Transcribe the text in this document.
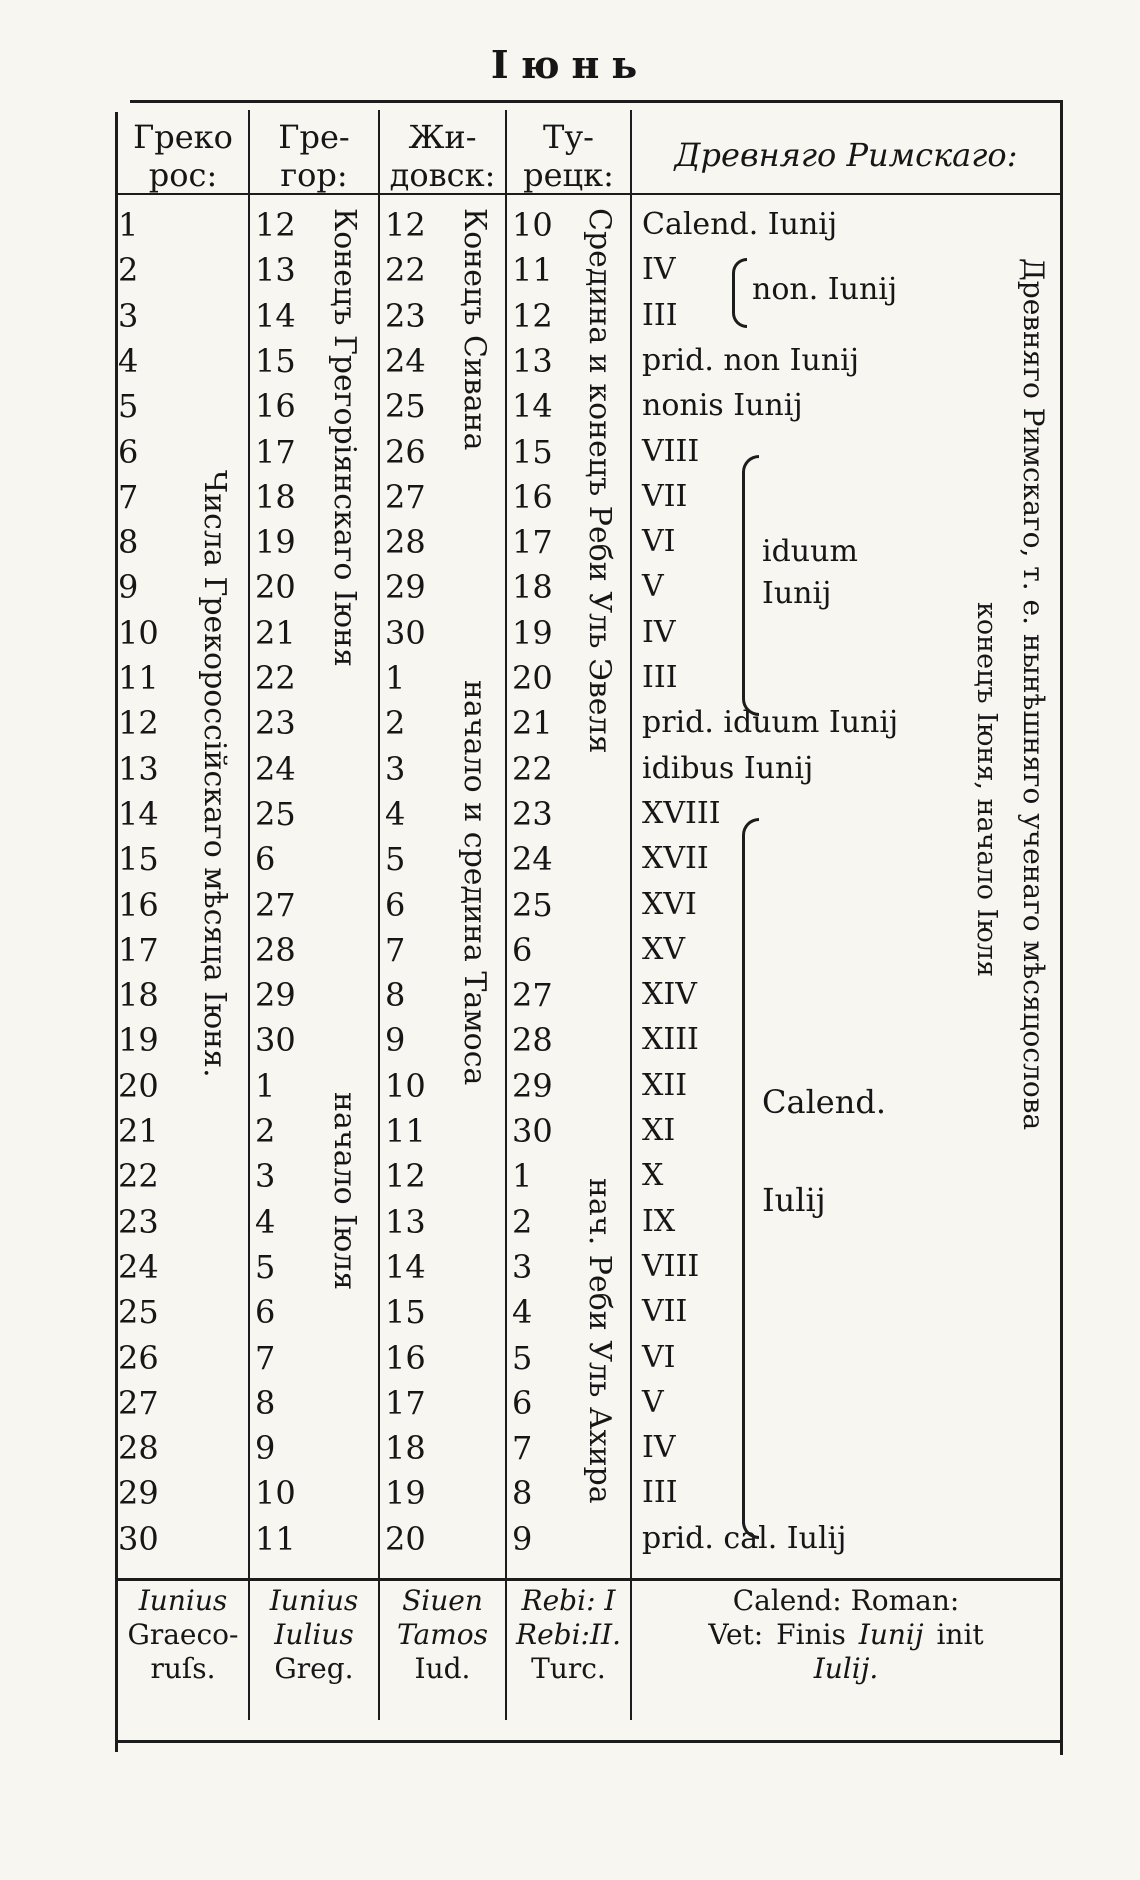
Іюнь
Греко
рос:
Гре-
гор:
Жи-
довск:
Ту-
рецк:
Древняго Римскаго:
1
2
3
4
5
6
7
8
9
10
11
12
13
14
15
16
17
18
19
20
21
22
23
24
25
26
27
28
29
30
12
13
14
15
16
17
18
19
20
21
22
23
24
25
6
27
28
29
30
1
2
3
4
5
6
7
8
9
10
11
12
22
23
24
25
26
27
28
29
30
1
2
3
4
5
6
7
8
9
10
11
12
13
14
15
16
17
18
19
20
10
11
12
13
14
15
16
17
18
19
20
21
22
23
24
25
6
27
28
29
30
1
2
3
4
5
6
7
8
9
Calend. Iunij
IV
III
prid. non Iunij
nonis Iunij
VIII
VII
VI
V
IV
III
prid. iduum Iunij
idibus Iunij
XVIII
XVII
XVI
XV
XIV
XIII
XII
XI
X
IX
VIII
VII
VI
V
IV
III
prid. cal. Iulij
Числа Грекороссійскаго мѣсяца Іюня.
Конецъ Грегоріянскаго Іюня
начало Іюля
Конецъ Сивана
начало и средина Тамоса
Средина и конецъ Реби Уль Эвеля
нач. Реби Уль Ахира
Древняго Римскаго, т. е. нынѣшняго ученаго мѣсяцослова
конецъ Іюня, начало Іюля
non. Iunij
iduum
Iunij
Calend.
Iulij
Iunius
Graeco-
ruſs.
Iunius
Iulius
Greg.
Siuen
Tamos
Iud.
Rebi: I
Rebi:II.
Turc.
Calend: Roman:
Vet: Finis Iunij init
Iulij.
